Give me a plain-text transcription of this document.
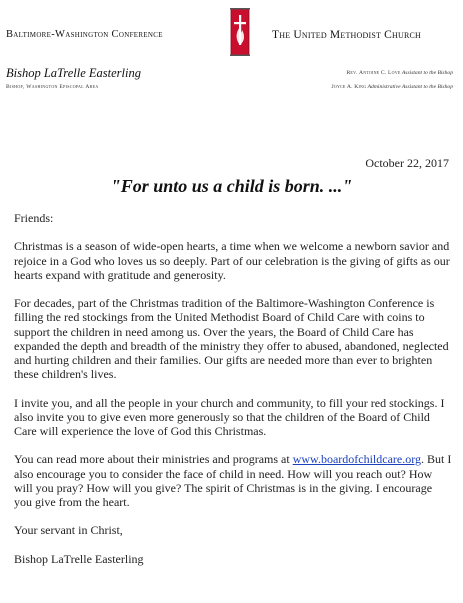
Baltimore-Washington Conference	The United Methodist Church
Bishop LaTrelle Easterling
Bishop, Washington Episcopal Area
Rev. Antoine C. Love Assistant to the Bishop
Joyce A. King Administrative Assistant to the Bishop
October 22, 2017
"For unto us a child is born. ..."

Friends:

Christmas is a season of wide-open hearts, a time when we welcome a newborn savior and rejoice in a God who loves us so deeply. Part of our celebration is the giving of gifts as our hearts expand with gratitude and generosity.

For decades, part of the Christmas tradition of the Baltimore-Washington Conference is filling the red stockings from the United Methodist Board of Child Care with coins to support the children in need among us. Over the years, the Board of Child Care has expanded the depth and breadth of the ministry they offer to abused, abandoned, neglected and hurting children and their families. Our gifts are needed more than ever to brighten these children's lives.

I invite you, and all the people in your church and community, to fill your red stockings. I also invite you to give even more generously so that the children of the Board of Child Care will experience the love of God this Christmas.

You can read more about their ministries and programs at www.boardofchildcare.org. But I also encourage you to consider the face of child in need. How will you reach out? How will you pray? How will you give? The spirit of Christmas is in the giving. I encourage you give from the heart.

Your servant in Christ,

Bishop LaTrelle Easterling
